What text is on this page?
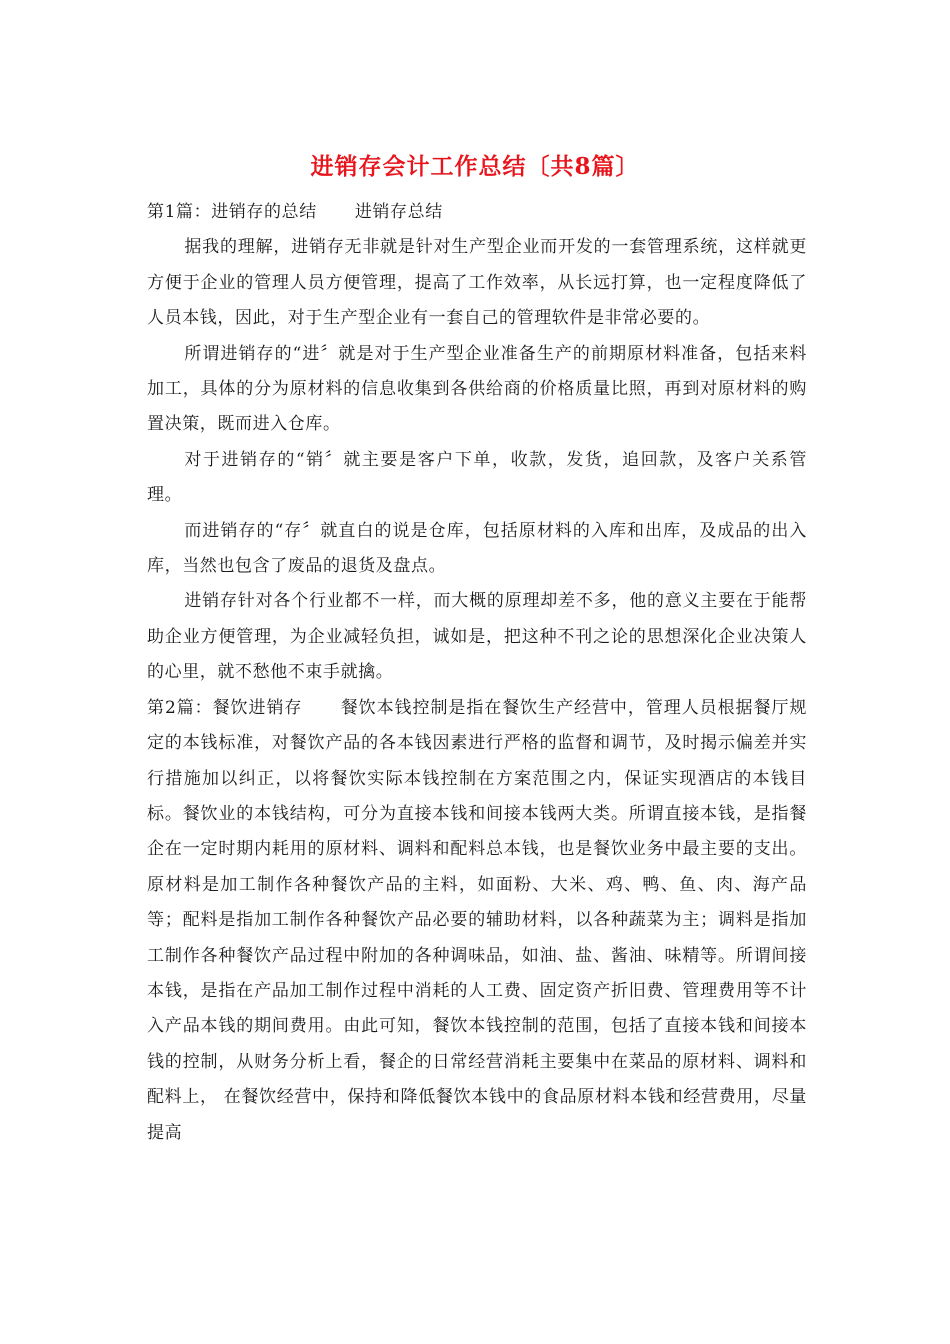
进销存会计工作总结〔共8篇〕

第1篇：进销存的总结 进销存总结

据我的理解，进销存无非就是针对生产型企业而开发的一套管理系统，这样就更方便于企业的管理人员方便管理，提高了工作效率，从长远打算，也一定程度降低了人员本钱，因此，对于生产型企业有一套自己的管理软件是非常必要的。

所谓进销存的“进〞就是对于生产型企业准备生产的前期原材料准备，包括来料加工，具体的分为原材料的信息收集到各供给商的价格质量比照，再到对原材料的购置决策，既而进入仓库。

对于进销存的“销〞就主要是客户下单，收款，发货，追回款，及客户关系管理。

而进销存的“存〞就直白的说是仓库，包括原材料的入库和出库，及成品的出入库，当然也包含了废品的退货及盘点。

进销存针对各个行业都不一样，而大概的原理却差不多，他的意义主要在于能帮助企业方便管理，为企业减轻负担，诚如是，把这种不刊之论的思想深化企业决策人的心里，就不愁他不束手就擒。

第2篇：餐饮进销存 餐饮本钱控制是指在餐饮生产经营中，管理人员根据餐厅规定的本钱标准，对餐饮产品的各本钱因素进行严格的监督和调节，及时揭示偏差并实行措施加以纠正，以将餐饮实际本钱控制在方案范围之内，保证实现酒店的本钱目标。餐饮业的本钱结构，可分为直接本钱和间接本钱两大类。所谓直接本钱，是指餐企在一定时期内耗用的原材料、调料和配料总本钱，也是餐饮业务中最主要的支出。原材料是加工制作各种餐饮产品的主料，如面粉、大米、鸡、鸭、鱼、肉、海产品等；配料是指加工制作各种餐饮产品必要的辅助材料，以各种蔬菜为主；调料是指加工制作各种餐饮产品过程中附加的各种调味品，如油、盐、酱油、味精等。所谓间接本钱，是指在产品加工制作过程中消耗的人工费、固定资产折旧费、管理费用等不计入产品本钱的期间费用。由此可知，餐饮本钱控制的范围，包括了直接本钱和间接本钱的控制，从财务分析上看，餐企的日常经营消耗主要集中在菜品的原材料、调料和配料上， 在餐饮经营中，保持和降低餐饮本钱中的食品原材料本钱和经营费用，尽量提高
